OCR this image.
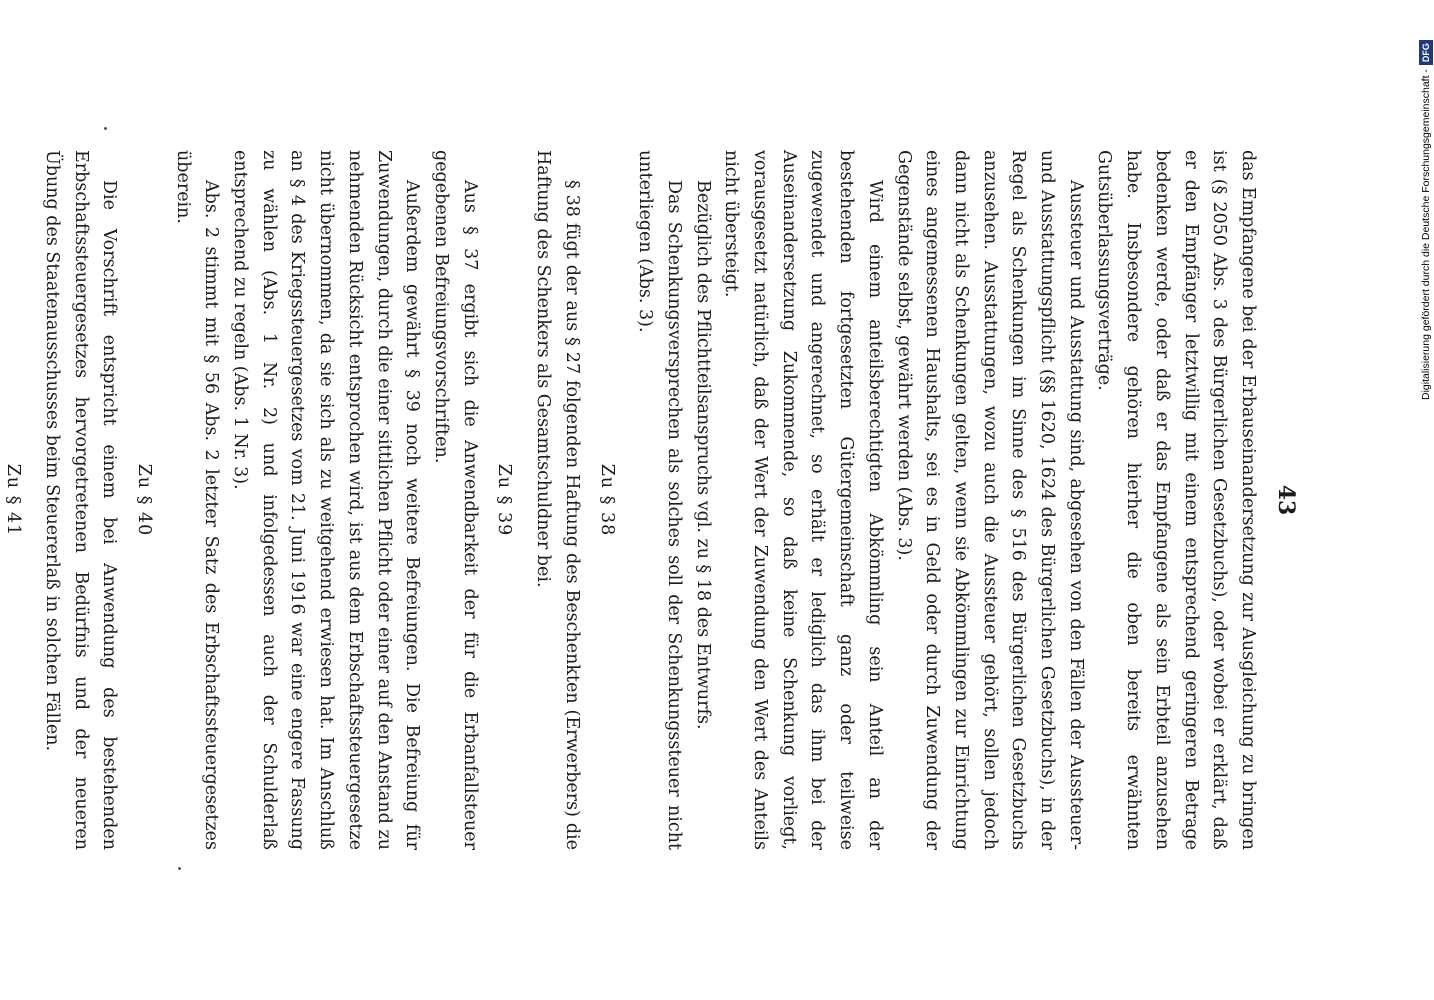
43

das Empfangene bei der Erbauseinandersetzung zur Ausgleichung zu bringen ist (§ 2050 Abs. 3 des Bürgerlichen Gesetzbuchs), oder wobei er erklärt, daß er den Empfänger letztwillig mit einem entsprechend geringeren Betrage bedenken werde, oder daß er das Empfangene als sein Erbteil anzusehen habe. Insbesondere gehören hierher die oben bereits erwähnten Gutsüberlassungsverträge.

Aussteuer und Ausstattung sind, abgesehen von den Fällen der Aussteuer- und Ausstattungspflicht (§§ 1620, 1624 des Bürgerlichen Gesetzbuchs), in der Regel als Schenkungen im Sinne des § 516 des Bürgerlichen Gesetzbuchs anzusehen. Ausstattungen, wozu auch die Aussteuer gehört, sollen jedoch dann nicht als Schenkungen gelten, wenn sie Abkömmlingen zur Einrichtung eines angemessenen Haushalts, sei es in Geld oder durch Zuwendung der Gegenstände selbst, gewährt werden (Abs. 3).

Wird einem anteilsberechtigten Abkömmling sein Anteil an der bestehenden fortgesetzten Gütergemeinschaft ganz oder teilweise zugewendet und angerechnet, so erhält er lediglich das ihm bei der Auseinandersetzung Zukommende, so daß keine Schenkung vorliegt, vorausgesetzt natürlich, daß der Wert der Zuwendung den Wert des Anteils nicht übersteigt.

Bezüglich des Pflichtteilsanspruchs vgl. zu § 18 des Entwurfs.

Das Schenkungsversprechen als solches soll der Schenkungssteuer nicht unterliegen (Abs. 3).

Zu § 38

§ 38 fügt der aus § 27 folgenden Haftung des Beschenkten (Erwerbers) die Haftung des Schenkers als Gesamtschuldner bei.

Zu § 39

Aus § 37 ergibt sich die Anwendbarkeit der für die Erbanfallsteuer gegebenen Befreiungsvorschriften.

Außerdem gewährt § 39 noch weitere Befreiungen. Die Befreiung für Zuwendungen, durch die einer sittlichen Pflicht oder einer auf den Anstand zu nehmenden Rücksicht entsprochen wird, ist aus dem Erbschaftssteuergesetze nicht übernommen, da sie sich als zu weitgehend erwiesen hat. Im Anschluß an § 4 des Kriegssteuergesetzes vom 21. Juni 1916 war eine engere Fassung zu wählen (Abs. 1 Nr. 2) und infolgedessen auch der Schulderlaß entsprechend zu regeln (Abs. 1 Nr. 3).

Abs. 2 stimmt mit § 56 Abs. 2 letzter Satz des Erbschaftssteuergesetzes überein.

Zu § 40

Die Vorschrift entspricht einem bei Anwendung des bestehenden Erbschaftssteuergesetzes hervorgetretenen Bedürfnis und der neueren Übung des Staatenausschusses beim Steuererlaß in solchen Fällen.

Zu § 41

Digitalisierung gefördert durch die Deutsche Forschungsgemeinschaft -
DFG
